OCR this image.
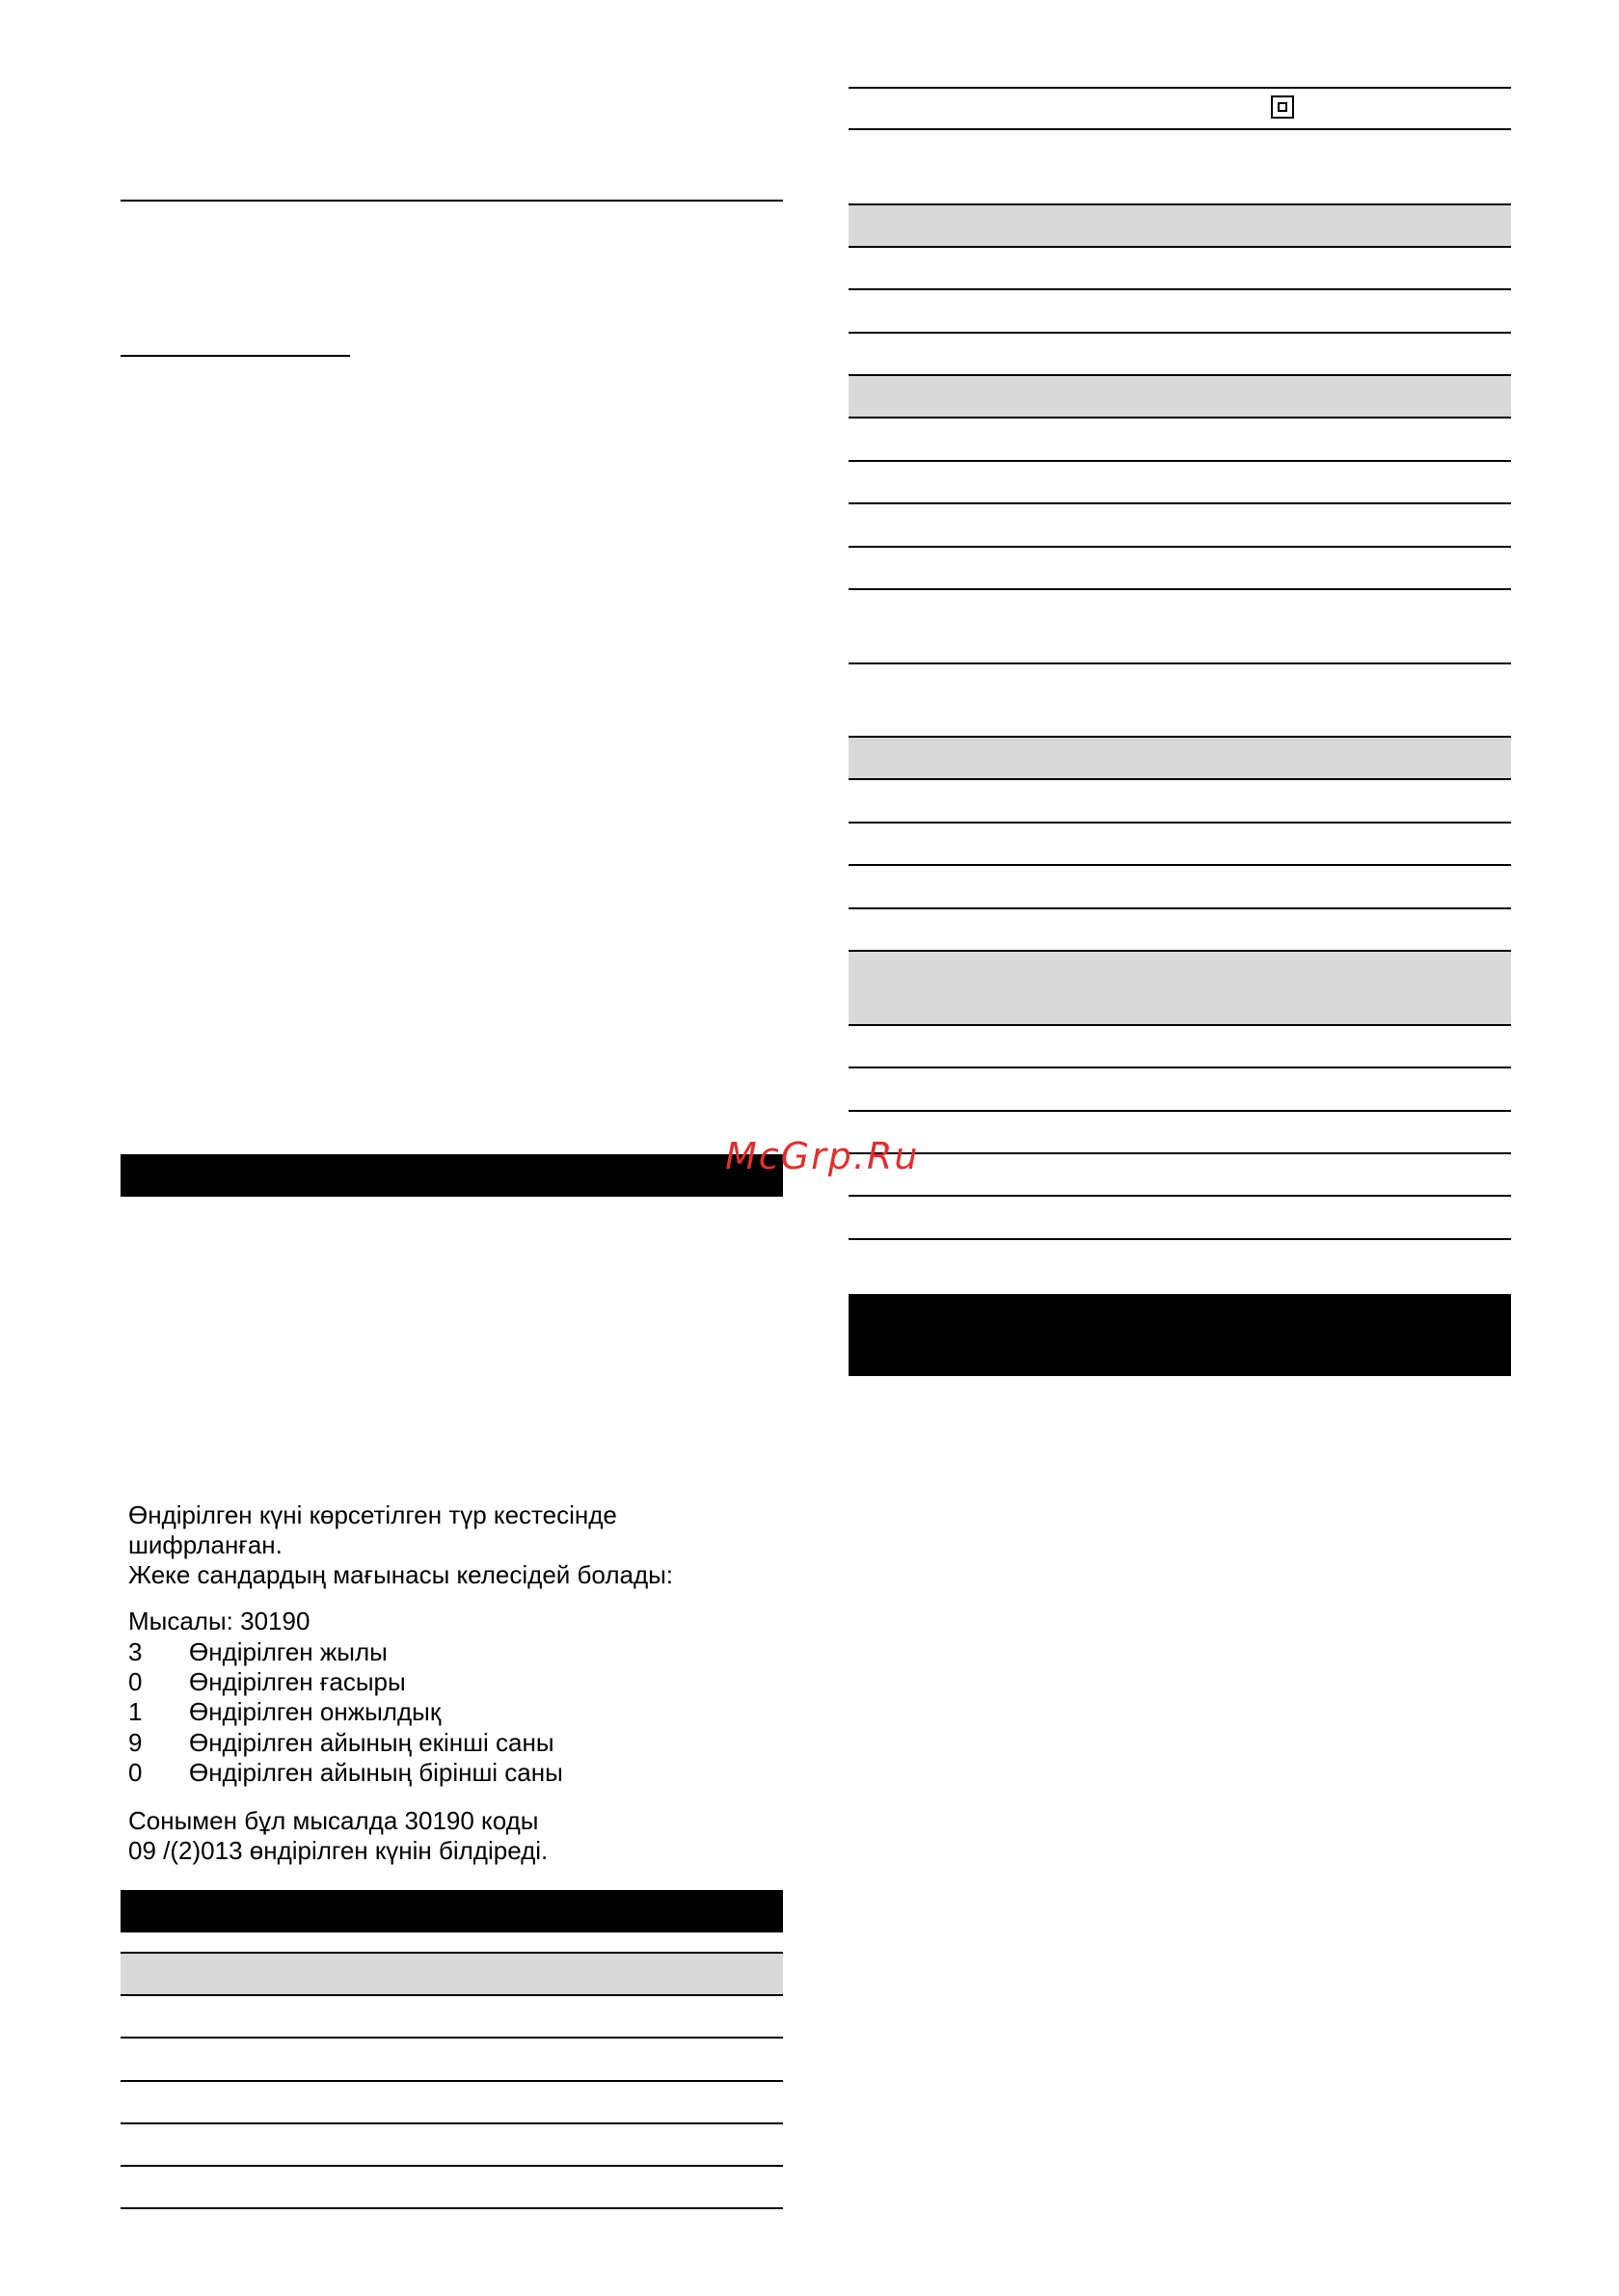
Өндірілген күні көрсетілген түр кестесінде
шифрланған.
Жеке сандардың мағынасы келесідей болады:
Мысалы: 30190
3	Өндірілген жылы
0	Өндірілген ғасыры
1	Өндірілген онжылдық
9	Өндірілген айының екінші саны
0	Өндірілген айының бірінші саны
Сонымен бұл мысалда 30190 коды
09 /(2)013 өндірілген күнін білдіреді.
McGrp.Ru
